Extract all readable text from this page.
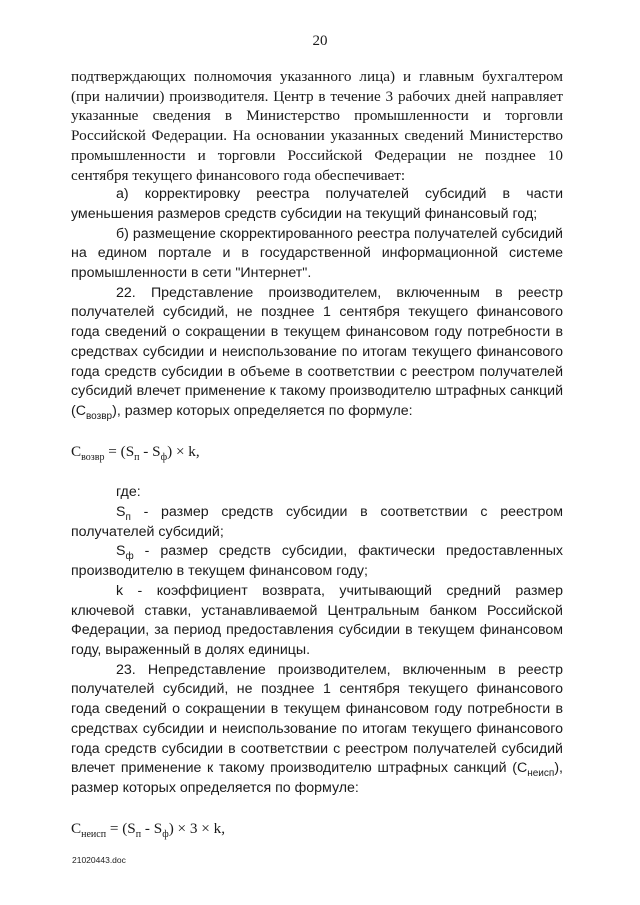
20

подтверждающих полномочия указанного лица) и главным бухгалтером (при наличии) производителя. Центр в течение 3 рабочих дней направляет указанные сведения в Министерство промышленности и торговли Российской Федерации. На основании указанных сведений Министерство промышленности и торговли Российской Федерации не позднее 10 сентября текущего финансового года обеспечивает:

а) корректировку реестра получателей субсидий в части уменьшения размеров средств субсидии на текущий финансовый год;

б) размещение скорректированного реестра получателей субсидий на едином портале и в государственной информационной системе промышленности в сети "Интернет".

22. Представление производителем, включенным в реестр получателей субсидий, не позднее 1 сентября текущего финансового года сведений о сокращении в текущем финансовом году потребности в средствах субсидии и неиспользование по итогам текущего финансового года средств субсидии в объеме в соответствии с реестром получателей субсидий влечет применение к такому производителю штрафных санкций $(C_{возвр})$, размер которых определяется по формуле:

$C_{возвр} = (S_п - S_ф) \times k$,

где:

$S_п$ - размер средств субсидии в соответствии с реестром получателей субсидий;

$S_ф$ - размер средств субсидии, фактически предоставленных производителю в текущем финансовом году;

k - коэффициент возврата, учитывающий средний размер ключевой ставки, устанавливаемой Центральным банком Российской Федерации, за период предоставления субсидии в текущем финансовом году, выраженный в долях единицы.

23. Непредставление производителем, включенным в реестр получателей субсидий, не позднее 1 сентября текущего финансового года сведений о сокращении в текущем финансовом году потребности в средствах субсидии и неиспользование по итогам текущего финансового года средств субсидии в соответствии с реестром получателей субсидий влечет применение к такому производителю штрафных санкций $(C_{неисп})$, размер которых определяется по формуле:

$C_{неисп} = (S_п - S_ф) \times 3 \times k$,

21020443.doc
